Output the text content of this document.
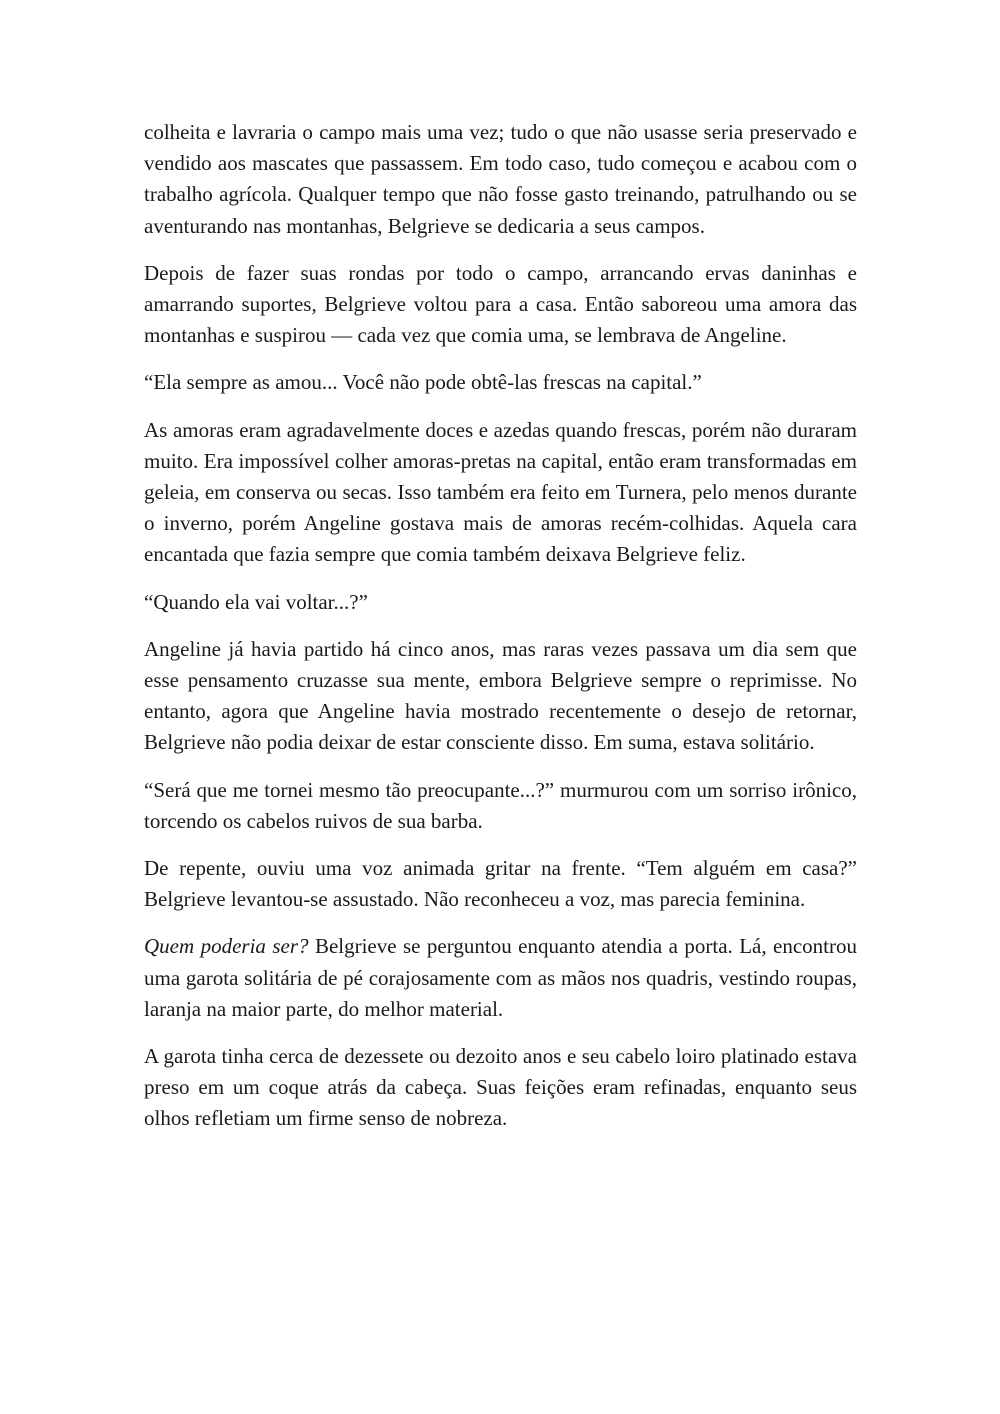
colheita e lavraria o campo mais uma vez; tudo o que não usasse seria preservado e vendido aos mascates que passassem. Em todo caso, tudo começou e acabou com o trabalho agrícola. Qualquer tempo que não fosse gasto treinando, patrulhando ou se aventurando nas montanhas, Belgrieve se dedicaria a seus campos.

Depois de fazer suas rondas por todo o campo, arrancando ervas daninhas e amarrando suportes, Belgrieve voltou para a casa. Então saboreou uma amora das montanhas e suspirou — cada vez que comia uma, se lembrava de Angeline.

“Ela sempre as amou... Você não pode obtê-las frescas na capital.”

As amoras eram agradavelmente doces e azedas quando frescas, porém não duraram muito. Era impossível colher amoras-pretas na capital, então eram transformadas em geleia, em conserva ou secas. Isso também era feito em Turnera, pelo menos durante o inverno, porém Angeline gostava mais de amoras recém-colhidas. Aquela cara encantada que fazia sempre que comia também deixava Belgrieve feliz.

“Quando ela vai voltar...?”

Angeline já havia partido há cinco anos, mas raras vezes passava um dia sem que esse pensamento cruzasse sua mente, embora Belgrieve sempre o reprimisse. No entanto, agora que Angeline havia mostrado recentemente o desejo de retornar, Belgrieve não podia deixar de estar consciente disso. Em suma, estava solitário.

“Será que me tornei mesmo tão preocupante...?” murmurou com um sorriso irônico, torcendo os cabelos ruivos de sua barba.

De repente, ouviu uma voz animada gritar na frente. “Tem alguém em casa?” Belgrieve levantou-se assustado. Não reconheceu a voz, mas parecia feminina.

Quem poderia ser? Belgrieve se perguntou enquanto atendia a porta. Lá, encontrou uma garota solitária de pé corajosamente com as mãos nos quadris, vestindo roupas, laranja na maior parte, do melhor material.

A garota tinha cerca de dezessete ou dezoito anos e seu cabelo loiro platinado estava preso em um coque atrás da cabeça. Suas feições eram refinadas, enquanto seus olhos refletiam um firme senso de nobreza.
